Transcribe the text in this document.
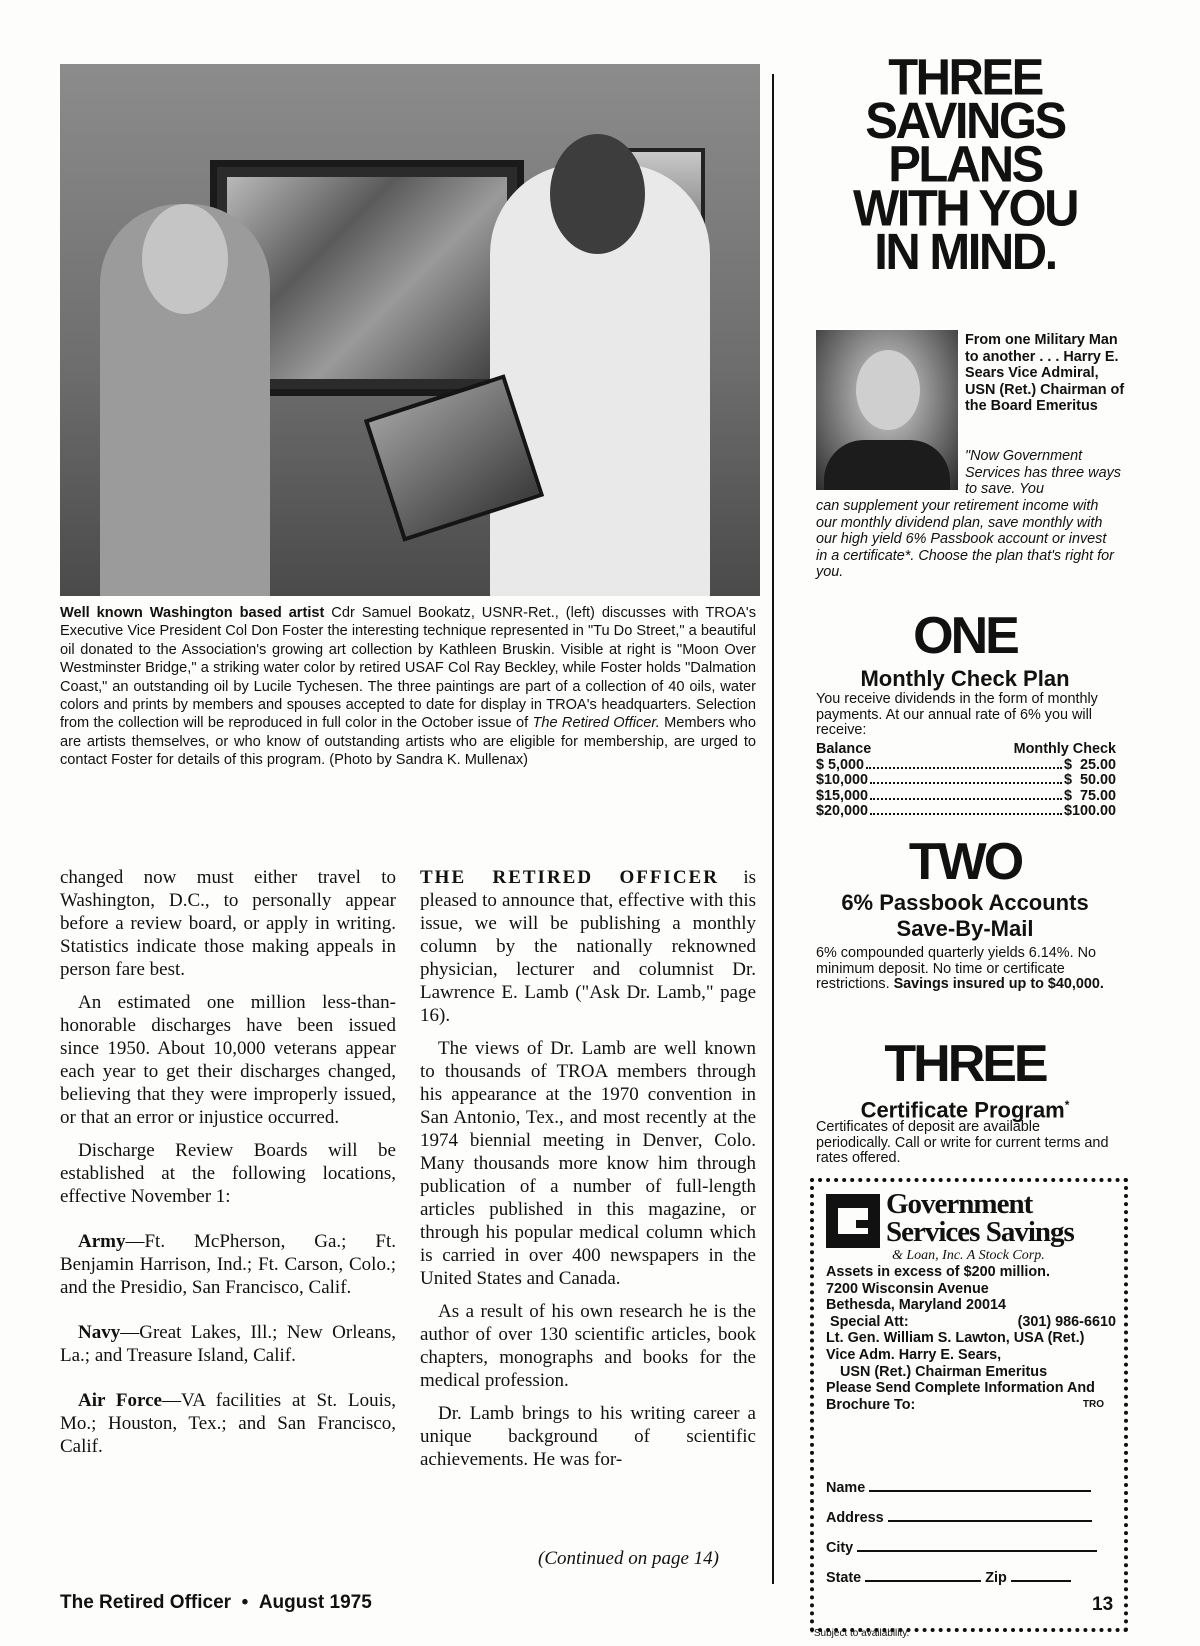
Well known Washington based artist Cdr Samuel Bookatz, USNR-Ret., (left) discusses with TROA's Executive Vice President Col Don Foster the interesting technique represented in "Tu Do Street," a beautiful oil donated to the Association's growing art collection by Kathleen Bruskin. Visible at right is "Moon Over Westminster Bridge," a striking water color by retired USAF Col Ray Beckley, while Foster holds "Dalmation Coast," an outstanding oil by Lucile Tychesen. The three paintings are part of a collection of 40 oils, water colors and prints by members and spouses accepted to date for display in TROA's headquarters. Selection from the collection will be reproduced in full color in the October issue of The Retired Officer. Members who are artists themselves, or who know of outstanding artists who are eligible for membership, are urged to contact Foster for details of this program. (Photo by Sandra K. Mullenax)

changed now must either travel to Washington, D.C., to personally appear before a review board, or apply in writing. Statistics indicate those making appeals in person fare best.

An estimated one million less-than-honorable discharges have been issued since 1950. About 10,000 veterans appear each year to get their discharges changed, believing that they were improperly issued, or that an error or injustice occurred.

Discharge Review Boards will be established at the following locations, effective November 1:

Army—Ft. McPherson, Ga.; Ft. Benjamin Harrison, Ind.; Ft. Carson, Colo.; and the Presidio, San Francisco, Calif.

Navy—Great Lakes, Ill.; New Orleans, La.; and Treasure Island, Calif.

Air Force—VA facilities at St. Louis, Mo.; Houston, Tex.; and San Francisco, Calif.

THE RETIRED OFFICER is pleased to announce that, effective with this issue, we will be publishing a monthly column by the nationally reknowned physician, lecturer and columnist Dr. Lawrence E. Lamb ("Ask Dr. Lamb," page 16).

The views of Dr. Lamb are well known to thousands of TROA members through his appearance at the 1970 convention in San Antonio, Tex., and most recently at the 1974 biennial meeting in Denver, Colo. Many thousands more know him through publication of a number of full-length articles published in this magazine, or through his popular medical column which is carried in over 400 newspapers in the United States and Canada.

As a result of his own research he is the author of over 130 scientific articles, book chapters, monographs and books for the medical profession.

Dr. Lamb brings to his writing career a unique background of scientific achievements. He was for-

(Continued on page 14)
The Retired Officer • August 1975	13
THREE
SAVINGS
PLANS
WITH YOU
IN MIND.
From one Military Man to another . . . Harry E. Sears Vice Admiral, USN (Ret.) Chairman of the Board Emeritus
"Now Government Services has three ways to save. You
can supplement your retirement income with our monthly dividend plan, save monthly with our high yield 6% Passbook account or invest in a certificate*. Choose the plan that's right for you.
ONE
Monthly Check Plan
You receive dividends in the form of monthly payments. At our annual rate of 6% you will receive:
Balance	Monthly Check
$ 5,000	$  25.00
$10,000	$  50.00
$15,000	$  75.00
$20,000	$100.00
TWO
6% Passbook Accounts Save-By-Mail
6% compounded quarterly yields 6.14%. No minimum deposit. No time or certificate restrictions. Savings insured up to $40,000.
THREE
Certificate Program*
Certificates of deposit are available periodically. Call or write for current terms and rates offered.
Government
Services Savings
& Loan, Inc. A Stock Corp.
Assets in excess of $200 million.
7200 Wisconsin Avenue
Bethesda, Maryland 20014
Special Att:	(301) 986-6610
Lt. Gen. William S. Lawton, USA (Ret.)
Vice Adm. Harry E. Sears,
USN (Ret.) Chairman Emeritus
Please Send Complete Information And Brochure To:	TRO
Name
Address
City
State	Zip
*Subject to availability.
